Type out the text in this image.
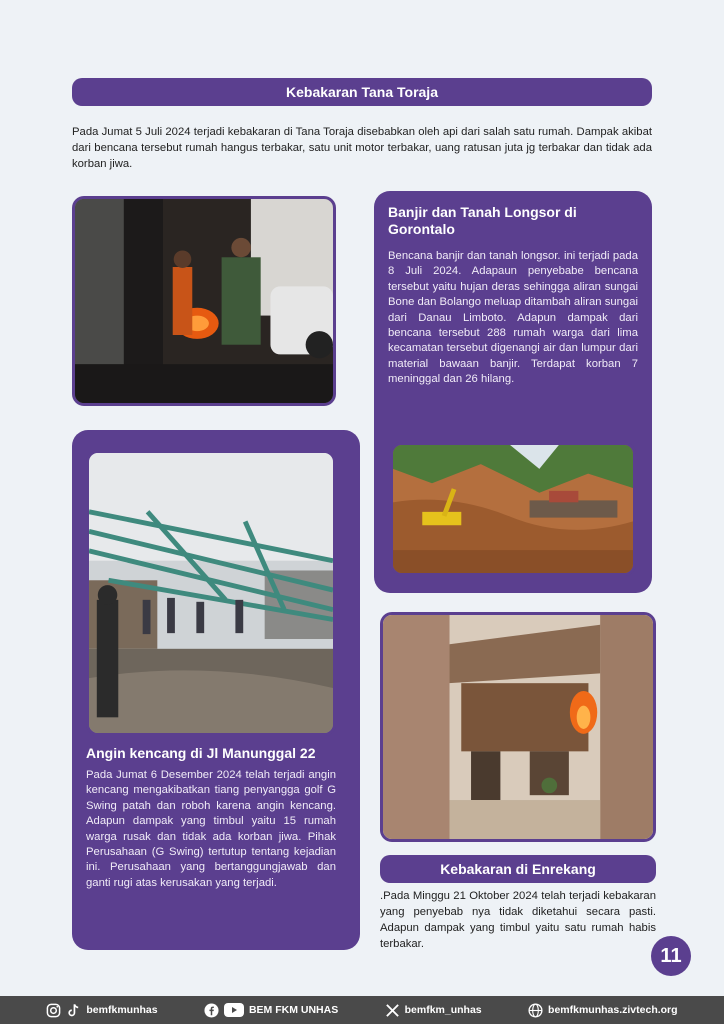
Kebakaran Tana Toraja
Pada Jumat 5 Juli 2024 terjadi kebakaran di Tana Toraja disebabkan oleh api dari salah satu rumah. Dampak akibat dari bencana tersebut rumah hangus terbakar, satu unit motor terbakar, uang ratusan juta jg terbakar dan tidak ada korban jiwa.
Banjir dan Tanah Longsor di Gorontalo

Bencana banjir dan tanah longsor. ini terjadi pada 8 Juli 2024. Adapaun penyebabe bencana tersebut yaitu hujan deras sehingga aliran sungai Bone dan Bolango meluap ditambah aliran sungai dari Danau Limboto. Adapun dampak dari bencana tersebut 288 rumah warga dari lima kecamatan tersebut digenangi air dan lumpur dari material bawaan banjir. Terdapat korban 7 meninggal dan 26 hilang.

Angin kencang di Jl Manunggal 22

Pada Jumat 6 Desember 2024 telah terjadi angin kencang mengakibatkan tiang penyangga golf G Swing patah dan roboh karena angin kencang. Adapun dampak yang timbul yaitu 15 rumah warga rusak dan tidak ada korban jiwa. Pihak Perusahaan (G Swing) tertutup tentang kejadian ini. Perusahaan yang bertanggungjawab dan ganti rugi atas kerusakan yang terjadi.

Kebakaran di Enrekang
.Pada Minggu 21 Oktober 2024 telah terjadi kebakaran yang penyebab nya tidak diketahui secara pasti. Adapun dampak yang timbul yaitu satu rumah habis terbakar.
11
bemfkmunhas	BEM FKM UNHAS	bemfkm_unhas	bemfkmunhas.zivtech.org
